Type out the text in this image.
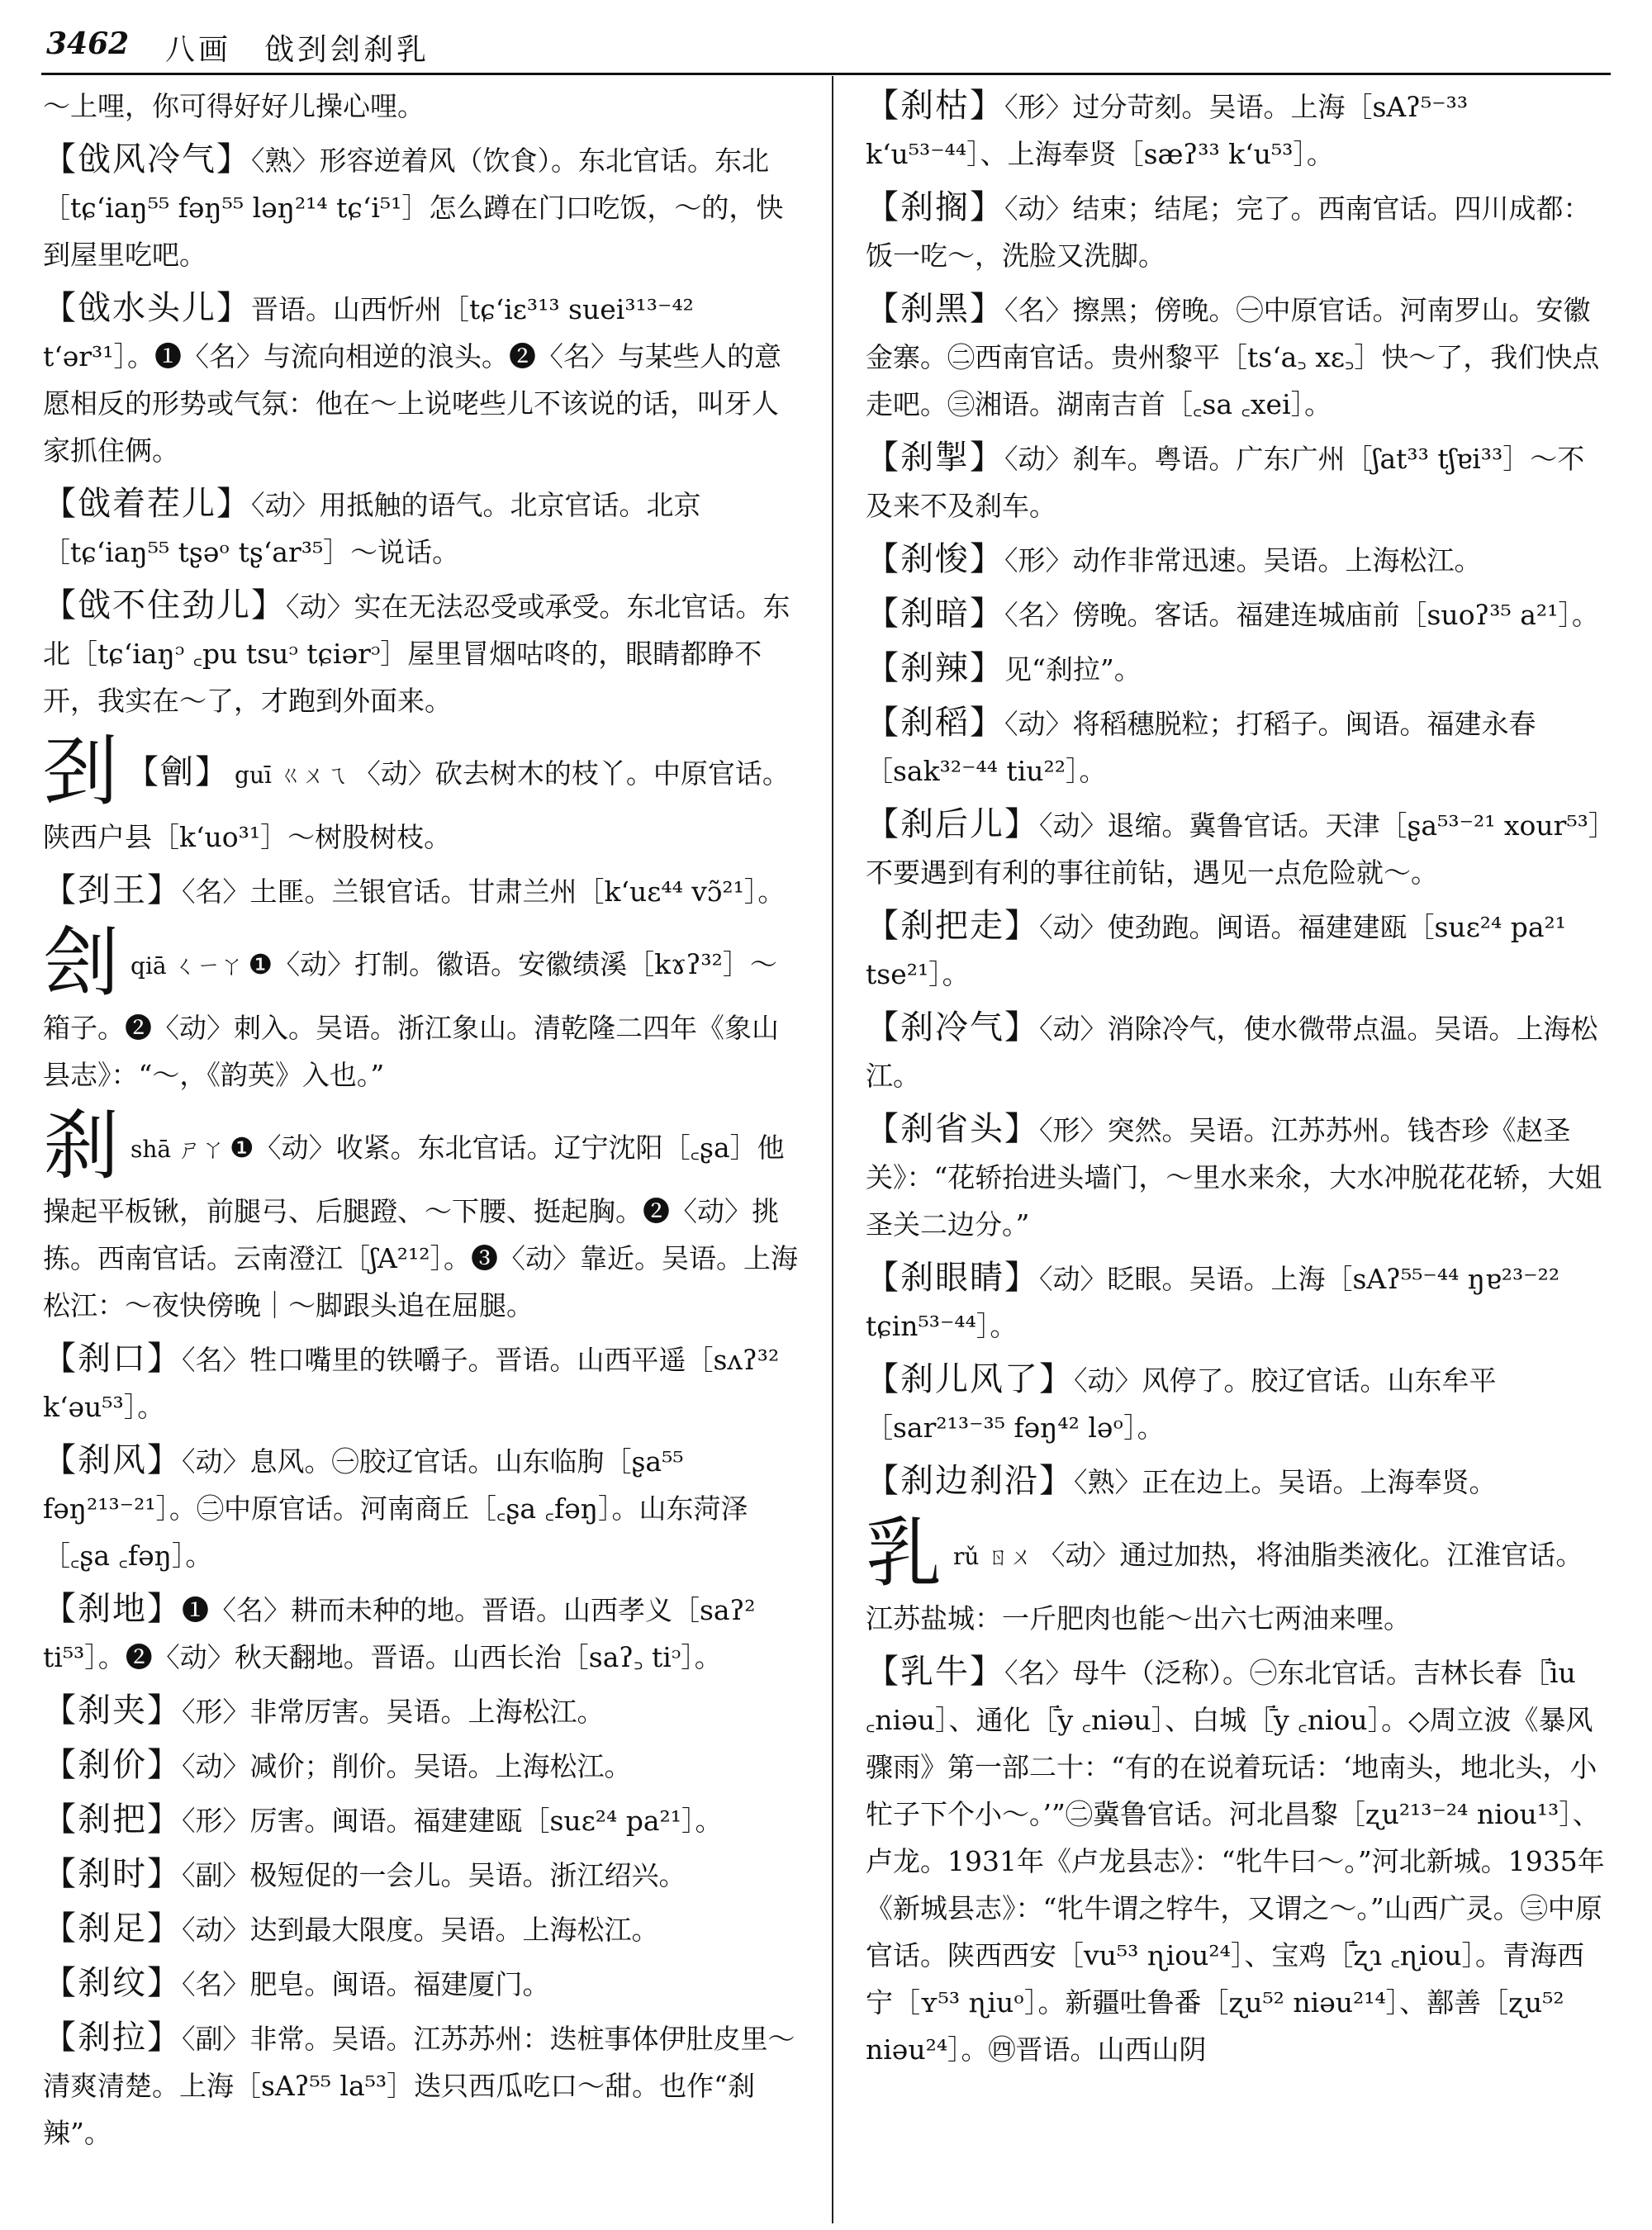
3462 八画　戗刭刽刹乳

～上哩，你可得好好儿操心哩。

【戗风冷气】〈熟〉形容逆着风（饮食）。东北官话。东北［tɕʻiaŋ⁵⁵ fəŋ⁵⁵ ləŋ²¹⁴ tɕʻi⁵¹］怎么蹲在门口吃饭，～的，快到屋里吃吧。

【戗水头儿】晋语。山西忻州［tɕʻiɛ³¹³ suei³¹³⁻⁴² tʻər³¹］。❶〈名〉与流向相逆的浪头。❷〈名〉与某些人的意愿相反的形势或气氛：他在～上说咾些儿不该说的话，叫牙人家抓住俩。

【戗着茬儿】〈动〉用抵触的语气。北京官话。北京［tɕʻiaŋ⁵⁵ tʂəᵒ tʂʻar³⁵］～说话。

【戗不住劲儿】〈动〉实在无法忍受或承受。东北官话。东北［tɕʻiaŋᵓ ꜀pu tsuᵓ tɕiərᵓ］屋里冒烟咕咚的，眼睛都睁不开，我实在～了，才跑到外面来。

刭 【劊】 guī ㄍㄨㄟ 〈动〉砍去树木的枝丫。中原官话。陕西户县［kʻuo³¹］～树股树枝。

【刭王】〈名〉土匪。兰银官话。甘肃兰州［kʻuɛ⁴⁴ vɔ̃²¹］。

刽qiā ㄑㄧㄚ ❶〈动〉打制。徽语。安徽绩溪［kɤʔ³²］～箱子。❷〈动〉刺入。吴语。浙江象山。清乾隆二四年《象山县志》：“～，《韵英》入也。”

刹shā ㄕㄚ ❶〈动〉收紧。东北官话。辽宁沈阳［꜀ʂa］他操起平板锹，前腿弓、后腿蹬、～下腰、挺起胸。❷〈动〉挑拣。西南官话。云南澄江［ʃA²¹²］。❸〈动〉靠近。吴语。上海松江：～夜快傍晚｜～脚跟头追在屈腿。

【刹口】〈名〉牲口嘴里的铁嚼子。晋语。山西平遥［sʌʔ³² kʻəu⁵³］。

【刹风】〈动〉息风。㊀胶辽官话。山东临朐［ʂa⁵⁵ fəŋ²¹³⁻²¹］。㊁中原官话。河南商丘［꜀ʂa ꜀fəŋ］。山东菏泽［꜀ʂa ꜀fəŋ］。

【刹地】❶〈名〉耕而未种的地。晋语。山西孝义［saʔ² ti⁵³］。❷〈动〉秋天翻地。晋语。山西长治［saʔ꜆ tiᵓ］。

【刹夹】〈形〉非常厉害。吴语。上海松江。

【刹价】〈动〉减价；削价。吴语。上海松江。

【刹把】〈形〉厉害。闽语。福建建瓯［suɛ²⁴ pa²¹］。

【刹时】〈副〉极短促的一会儿。吴语。浙江绍兴。

【刹足】〈动〉达到最大限度。吴语。上海松江。

【刹纹】〈名〉肥皂。闽语。福建厦门。

【刹拉】〈副〉非常。吴语。江苏苏州：迭桩事体伊肚皮里～清爽清楚。上海［sAʔ⁵⁵ la⁵³］迭只西瓜吃口～甜。也作“刹辣”。

【刹枯】〈形〉过分苛刻。吴语。上海［sAʔ⁵⁻³³ kʻu⁵³⁻⁴⁴］、上海奉贤［sæʔ³³ kʻu⁵³］。

【刹搁】〈动〉结束；结尾；完了。西南官话。四川成都：饭一吃～，洗脸又洗脚。

【刹黑】〈名〉擦黑；傍晚。㊀中原官话。河南罗山。安徽金寨。㊁西南官话。贵州黎平［tsʻa꜆ xɛ꜆］快～了，我们快点走吧。㊂湘语。湖南吉首［꜀sa ꜀xei］。

【刹掣】〈动〉刹车。粤语。广东广州［ʃat³³ tʃɐi³³］～不及来不及刹车。

【刹悛】〈形〉动作非常迅速。吴语。上海松江。

【刹暗】〈名〉傍晚。客话。福建连城庙前［suoʔ³⁵ a²¹］。

【刹辣】见“刹拉”。

【刹稻】〈动〉将稻穗脱粒；打稻子。闽语。福建永春［sak³²⁻⁴⁴ tiu²²］。

【刹后儿】〈动〉退缩。冀鲁官话。天津［ʂa⁵³⁻²¹ xour⁵³］不要遇到有利的事往前钻，遇见一点危险就～。

【刹把走】〈动〉使劲跑。闽语。福建建瓯［suɛ²⁴ pa²¹ tse²¹］。

【刹冷气】〈动〉消除冷气，使水微带点温。吴语。上海松江。

【刹省头】〈形〉突然。吴语。江苏苏州。钱杏珍《赵圣关》：“花轿抬进头墙门，～里水来氽，大水冲脱花花轿，大姐圣关二边分。”

【刹眼睛】〈动〉眨眼。吴语。上海［sAʔ⁵⁵⁻⁴⁴ ŋɐ²³⁻²² tɕin⁵³⁻⁴⁴］。

【刹儿风了】〈动〉风停了。胶辽官话。山东牟平［sar²¹³⁻³⁵ fəŋ⁴² ləᵒ］。

【刹边刹沿】〈熟〉正在边上。吴语。上海奉贤。

乳rǔ ㄖㄨ 〈动〉通过加热，将油脂类液化。江淮官话。江苏盐城：一斤肥肉也能～出六七两油来哩。

【乳牛】〈名〉母牛（泛称）。㊀东北官话。吉林长春［ꜙiu ꜀niəu］、通化［ꜙy ꜀niəu］、白城［ꜙy ꜀niou］。◇周立波《暴风骤雨》第一部二十：“有的在说着玩话：‘地南头，地北头，小牤子下个小～。’”㊁冀鲁官话。河北昌黎［ʐu²¹³⁻²⁴ niou¹³］、卢龙。1931年《卢龙县志》：“牝牛曰～。”河北新城。1935年《新城县志》：“牝牛谓之牸牛，又谓之～。”山西广灵。㊂中原官话。陕西西安［vu⁵³ ɳiou²⁴］、宝鸡［ꜙʐɿ ꜀ɳiou］。青海西宁［ʏ⁵³ ɳiuᵒ］。新疆吐鲁番［ʐu⁵² niəu²¹⁴］、鄯善［ʐu⁵² niəu²⁴］。㊃晋语。山西山阴
